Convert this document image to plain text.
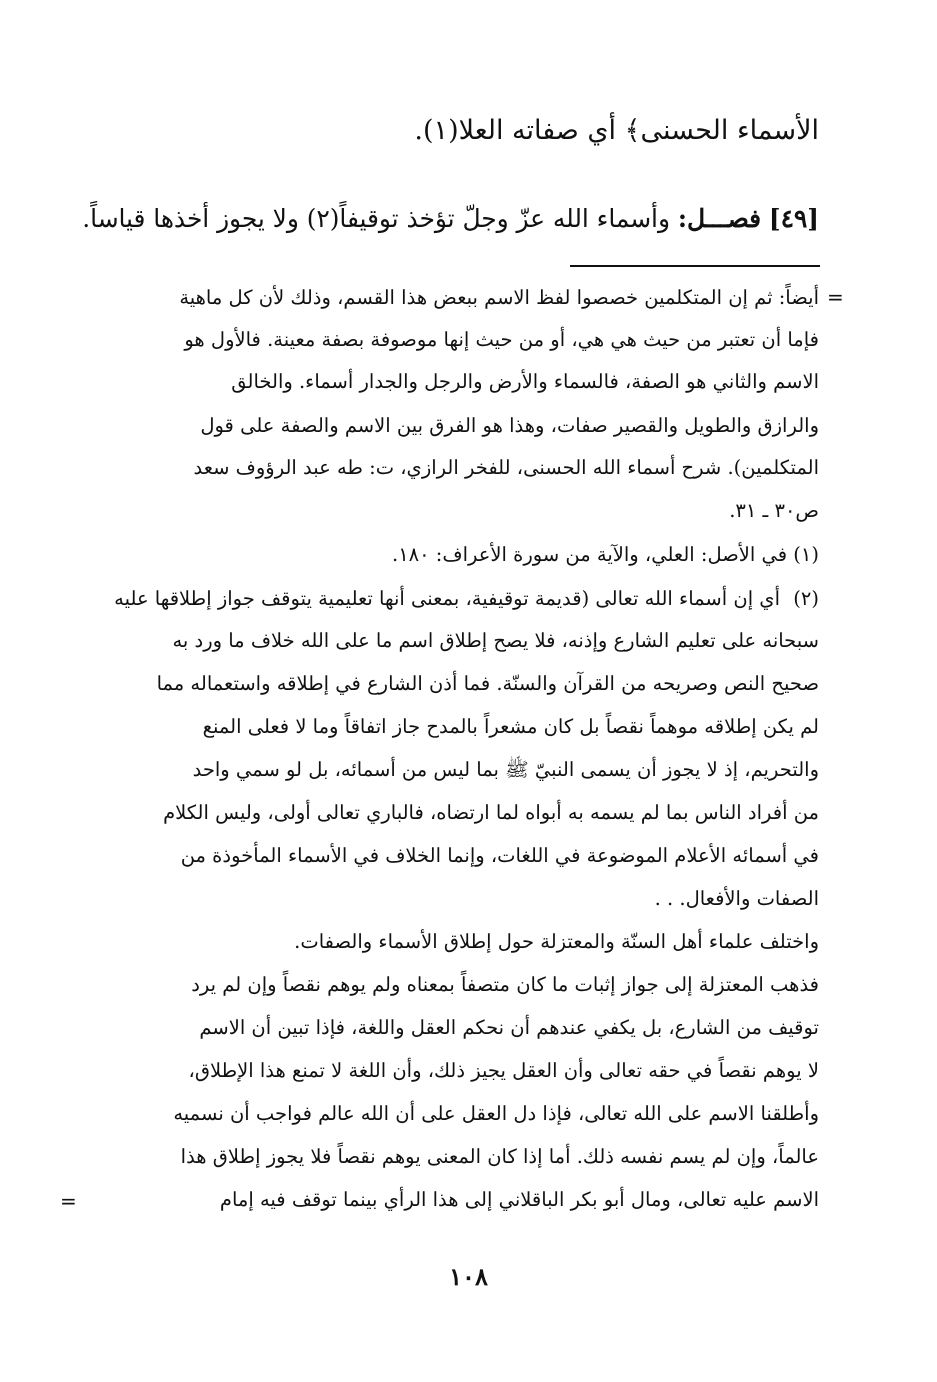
الأسماء الحسنى﴾ أي صفاته العلا(١).
[٤٩] فصـــل: وأسماء الله عزّ وجلّ تؤخذ توقيفاً(٢) ولا يجوز أخذها قياساً.
=
أيضاً: ثم إن المتكلمين خصصوا لفظ الاسم ببعض هذا القسم، وذلك لأن كل ماهية
فإما أن تعتبر من حيث هي هي، أو من حيث إنها موصوفة بصفة معينة. فالأول هو
الاسم والثاني هو الصفة، فالسماء والأرض والرجل والجدار أسماء. والخالق
والرازق والطويل والقصير صفات، وهذا هو الفرق بين الاسم والصفة على قول
المتكلمين). شرح أسماء الله الحسنى، للفخر الرازي، ت: طه عبد الرؤوف سعد
ص٣٠ ـ ٣١.
(١) في الأصل: العلي، والآية من سورة الأعراف: ١٨٠.
(٢)
أي إن أسماء الله تعالى (قديمة توقيفية، بمعنى أنها تعليمية يتوقف جواز إطلاقها عليه
سبحانه على تعليم الشارع وإذنه، فلا يصح إطلاق اسم ما على الله خلاف ما ورد به
صحيح النص وصريحه من القرآن والسنّة. فما أذن الشارع في إطلاقه واستعماله مما
لم يكن إطلاقه موهماً نقصاً بل كان مشعراً بالمدح جاز اتفاقاً وما لا فعلى المنع
والتحريم، إذ لا يجوز أن يسمى النبيّ ﷺ بما ليس من أسمائه، بل لو سمي واحد
من أفراد الناس بما لم يسمه به أبواه لما ارتضاه، فالباري تعالى أولى، وليس الكلام
في أسمائه الأعلام الموضوعة في اللغات، وإنما الخلاف في الأسماء المأخوذة من
الصفات والأفعال. . .
واختلف علماء أهل السنّة والمعتزلة حول إطلاق الأسماء والصفات.
فذهب المعتزلة إلى جواز إثبات ما كان متصفاً بمعناه ولم يوهم نقصاً وإن لم يرد
توقيف من الشارع، بل يكفي عندهم أن نحكم العقل واللغة، فإذا تبين أن الاسم
لا يوهم نقصاً في حقه تعالى وأن العقل يجيز ذلك، وأن اللغة لا تمنع هذا الإطلاق،
وأطلقنا الاسم على الله تعالى، فإذا دل العقل على أن الله عالم فواجب أن نسميه
عالماً، وإن لم يسم نفسه ذلك. أما إذا كان المعنى يوهم نقصاً فلا يجوز إطلاق هذا
الاسم عليه تعالى، ومال أبو بكر الباقلاني إلى هذا الرأي بينما توقف فيه إمام
=
١٠٨
